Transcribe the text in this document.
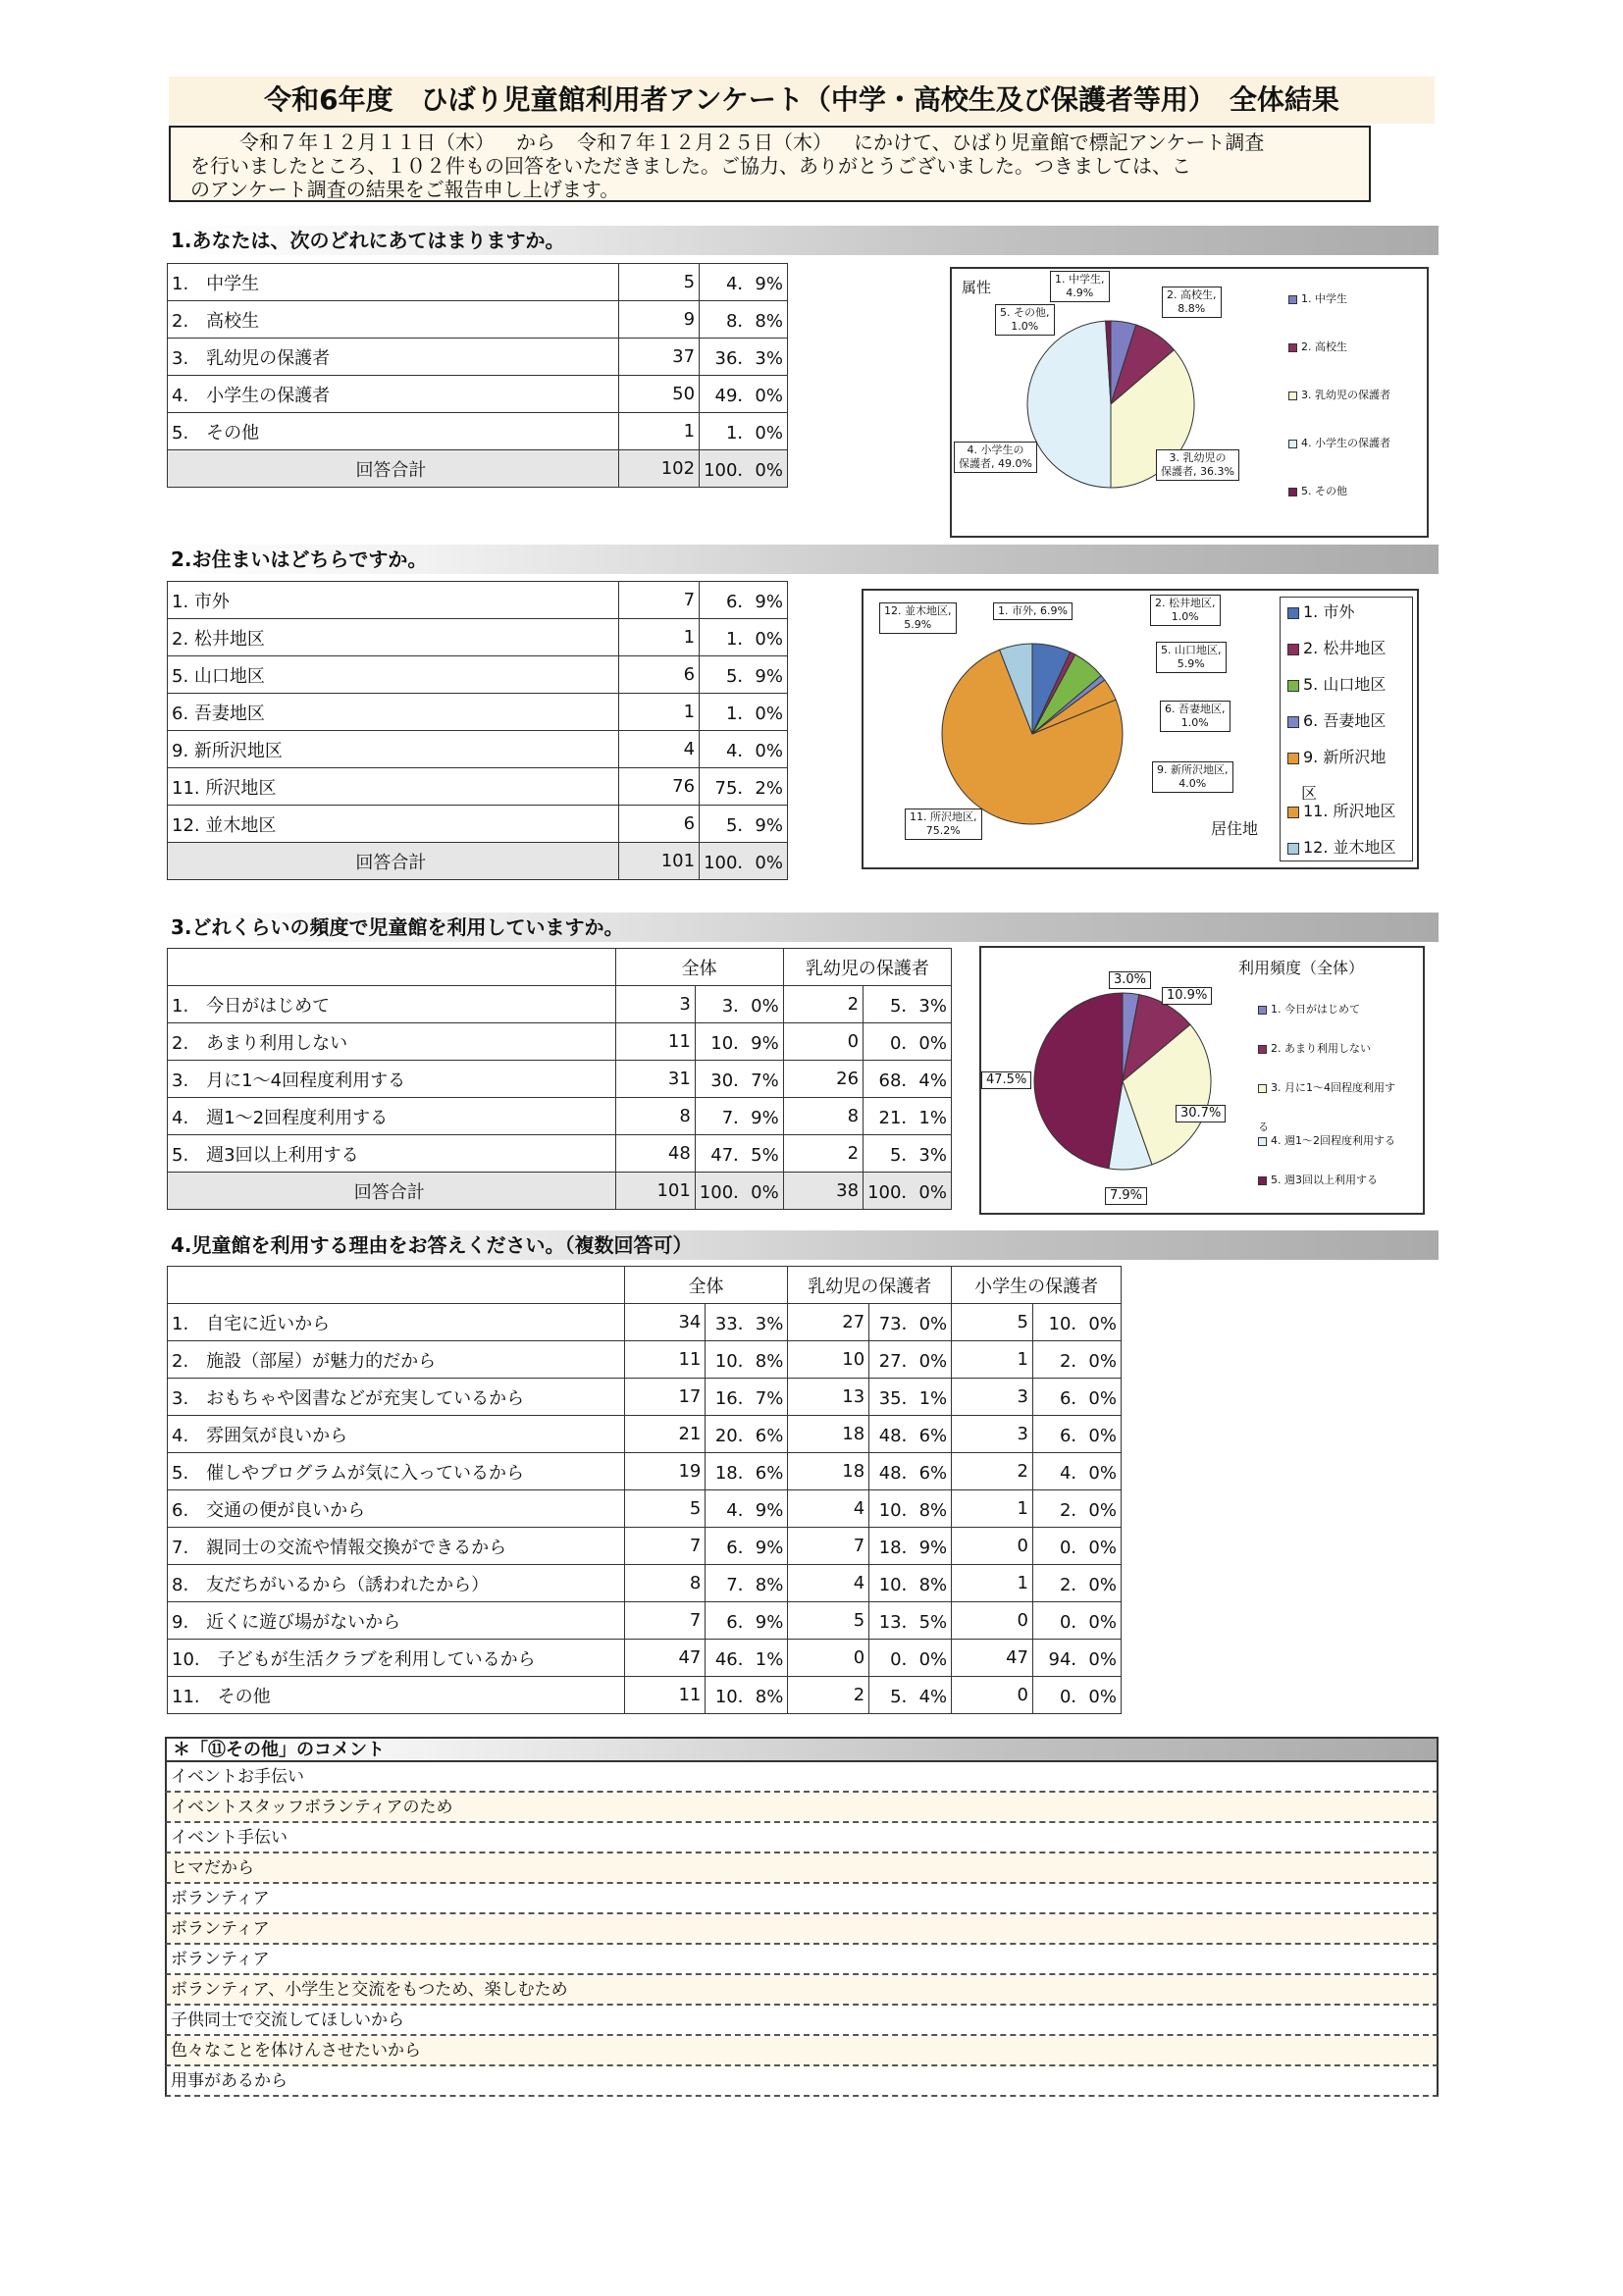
令和6年度　ひばり児童館利用者アンケート（中学・高校生及び保護者等用）　全体結果
令和７年１２月１１日（木） から 令和７年１２月２５日（木） にかけて、ひばり児童館で標記アンケート調査
を行いましたところ、１０２件もの回答をいただきました。ご協力、ありがとうございました。つきましては、こ
のアンケート調査の結果をご報告申し上げます。
1.あなたは、次のどれにあてはまりますか。
1.　中学生	5	4．9%
2.　高校生	9	8．8%
3.　乳幼児の保護者	37	36．3%
4.　小学生の保護者	50	49．0%
5.　その他	1	1．0%
回答合計	102	100．0%
属性	1. 中学生,
4.9%	2. 高校生,
8.8%
5. その他,
1.0%
3. 乳幼児の
保護者, 36.3%
4. 小学生の
保護者, 49.0%
1. 中学生
2. 高校生
3. 乳幼児の保護者
4. 小学生の保護者
5. その他
2.お住まいはどちらですか。
1. 市外	7	6．9%
2. 松井地区	1	1．0%
5. 山口地区	6	5．9%
6. 吾妻地区	1	1．0%
9. 新所沢地区	4	4．0%
11. 所沢地区	76	75．2%
12. 並木地区	6	5．9%
回答合計	101	100．0%
12. 並木地区,
5.9%
1. 市外, 6.9%
2. 松井地区,
1.0%
5. 山口地区,
5.9%
6. 吾妻地区,
1.0%
9. 新所沢地区,
4.0%
11. 所沢地区,
75.2%	居住地
1. 市外
2. 松井地区
5. 山口地区
6. 吾妻地区
9. 新所沢地
区
11. 所沢地区
12. 並木地区
3.どれくらいの頻度で児童館を利用していますか。
	全体		乳幼児の保護者	
1.　今日がはじめて	3	3．0%	2	5．3%
2.　あまり利用しない	11	10．9%	0	0．0%
3.　月に1～4回程度利用する	31	30．7%	26	68．4%
4.　週1～2回程度利用する	8	7．9%	8	21．1%
5.　週3回以上利用する	48	47．5%	2	5．3%
回答合計	101	100．0%	38	100．0%
利用頻度（全体）
3.0%
10.9%
30.7%
7.9%
47.5%
1. 今日がはじめて
2. あまり利用しない
3. 月に1～4回程度利用す
る
4. 週1～2回程度利用する
5. 週3回以上利用する
4.児童館を利用する理由をお答えください。（複数回答可）
	全体		乳幼児の保護者		小学生の保護者	
1.　自宅に近いから	34	33．3%	27	73．0%	5	10．0%
2.　施設（部屋）が魅力的だから	11	10．8%	10	27．0%	1	2．0%
3.　おもちゃや図書などが充実しているから	17	16．7%	13	35．1%	3	6．0%
4.　雰囲気が良いから	21	20．6%	18	48．6%	3	6．0%
5.　催しやプログラムが気に入っているから	19	18．6%	18	48．6%	2	4．0%
6.　交通の便が良いから	5	4．9%	4	10．8%	1	2．0%
7.　親同士の交流や情報交換ができるから	7	6．9%	7	18．9%	0	0．0%
8.　友だちがいるから（誘われたから）	8	7．8%	4	10．8%	1	2．0%
9.　近くに遊び場がないから	7	6．9%	5	13．5%	0	0．0%
10.　子どもが生活クラブを利用しているから	47	46．1%	0	0．0%	47	94．0%
11.　その他	11	10．8%	2	5．4%	0	0．0%
＊「⑪その他」のコメント
イベントお手伝い
イベントスタッフボランティアのため
イベント手伝い
ヒマだから
ボランティア
ボランティア
ボランティア
ボランティア、小学生と交流をもつため、楽しむため
子供同士で交流してほしいから
色々なことを体けんさせたいから
用事があるから
